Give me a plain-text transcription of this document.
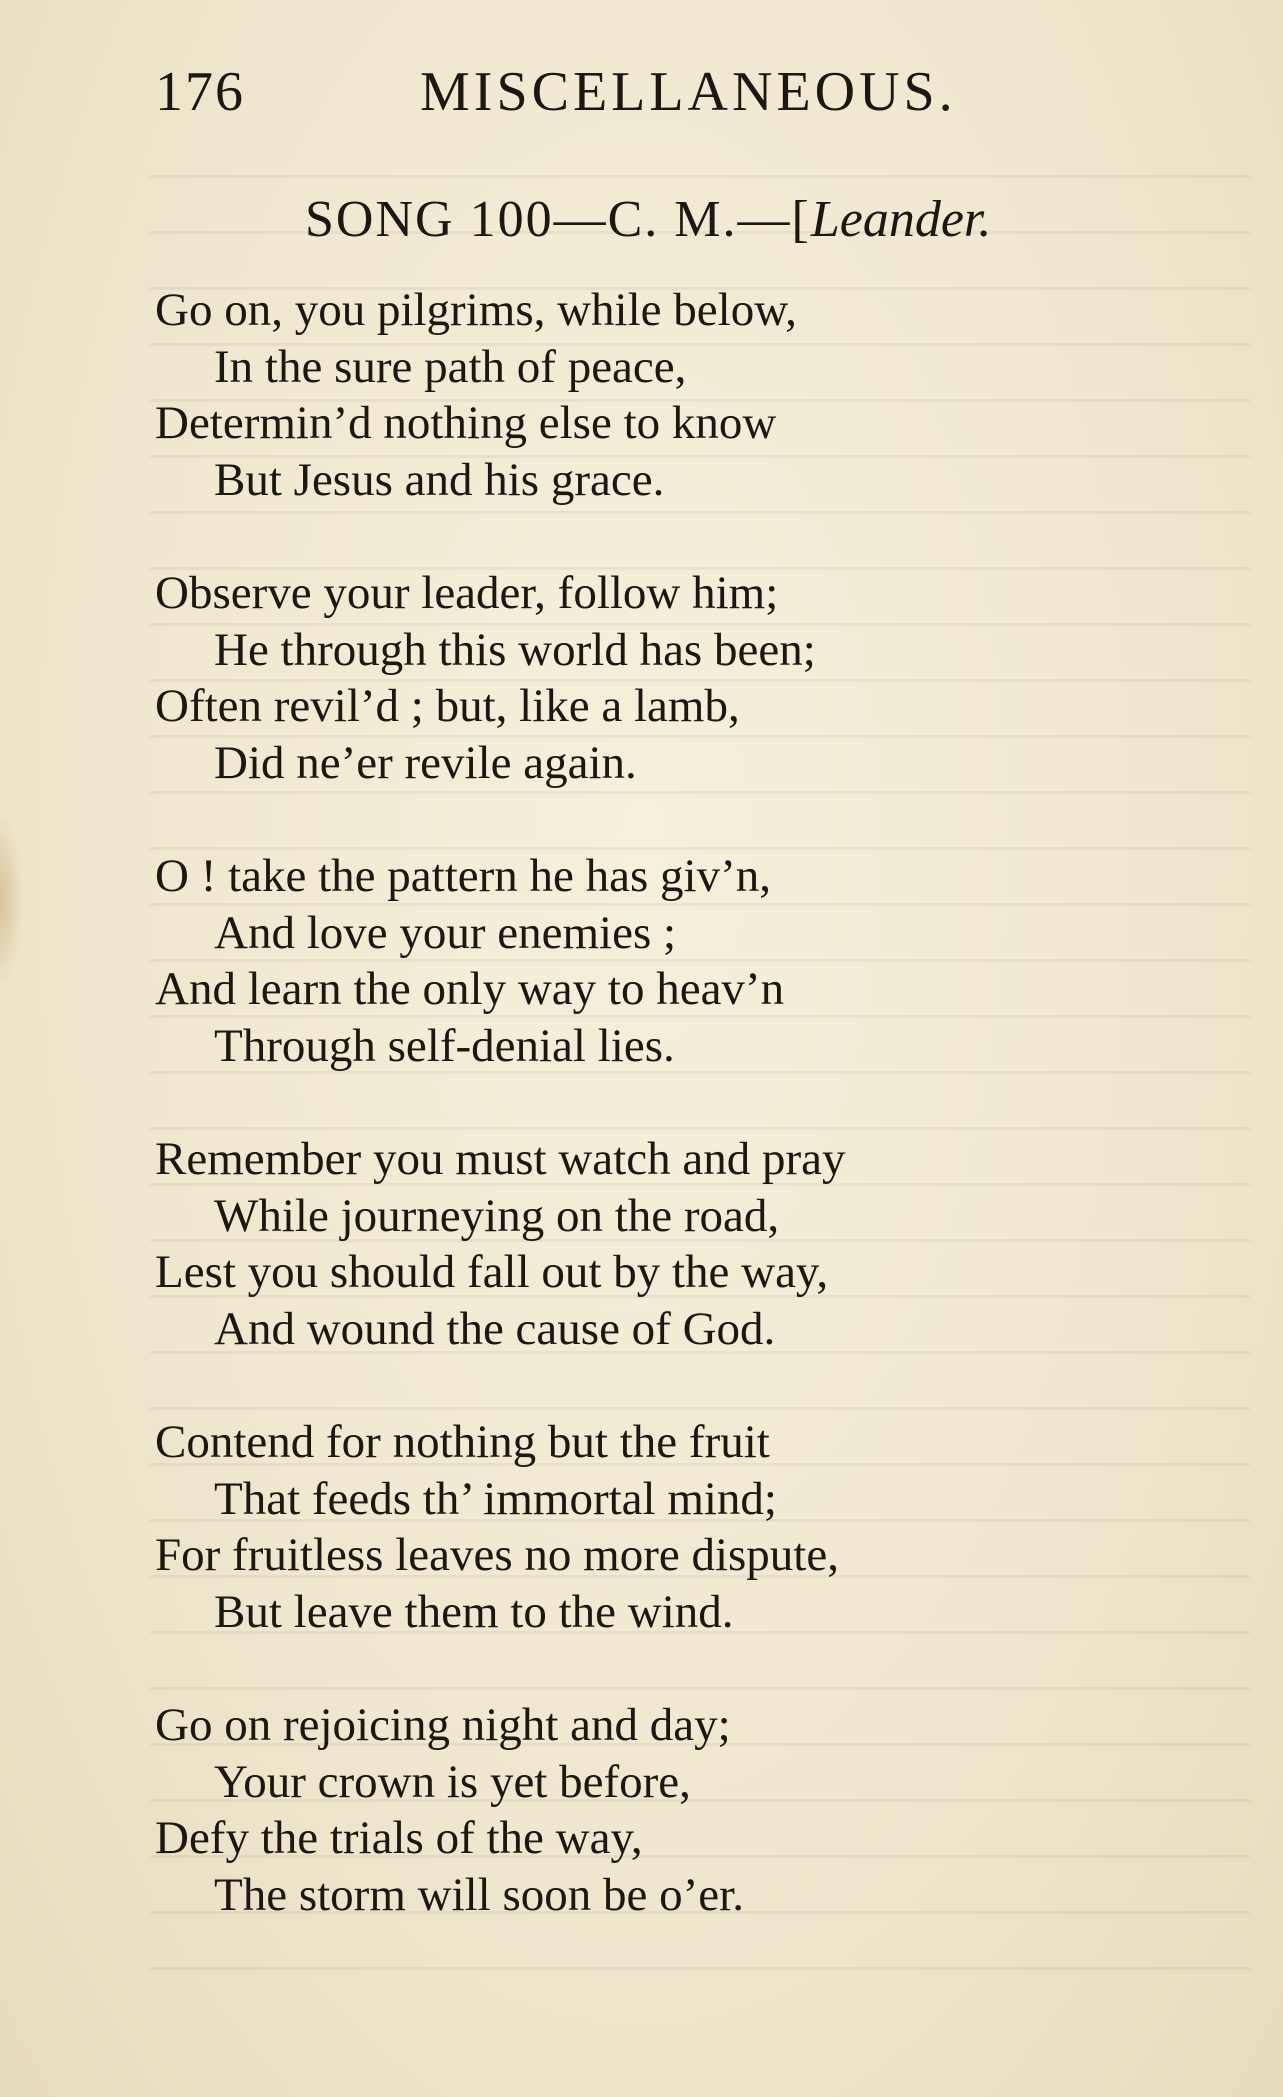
176	MISCELLANEOUS.
SONG 100—C. M.—[Leander.
Go on, you pilgrims, while below,
In the sure path of peace,
Determin’d nothing else to know
But Jesus and his grace.
Observe your leader, follow him;
He through this world has been;
Often revil’d ; but, like a lamb,
Did ne’er revile again.
O ! take the pattern he has giv’n,
And love your enemies ;
And learn the only way to heav’n
Through self-denial lies.
Remember you must watch and pray
While journeying on the road,
Lest you should fall out by the way,
And wound the cause of God.
Contend for nothing but the fruit
That feeds th’ immortal mind;
For fruitless leaves no more dispute,
But leave them to the wind.
Go on rejoicing night and day;
Your crown is yet before,
Defy the trials of the way,
The storm will soon be o’er.
